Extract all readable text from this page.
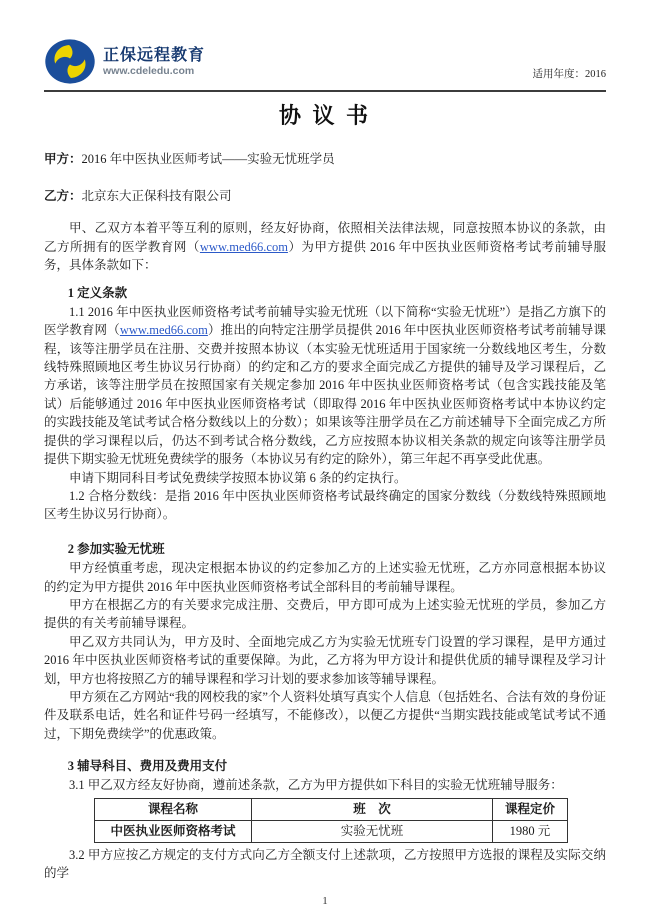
正保远程教育
www.cdeledu.com	适用年度：2016
协 议 书

甲方：2016 年中医执业医师考试——实验无忧班学员

乙方：北京东大正保科技有限公司

甲、乙双方本着平等互利的原则，经友好协商，依照相关法律法规，同意按照本协议的条款，由乙方所拥有的医学教育网（www.med66.com）为甲方提供 2016 年中医执业医师资格考试考前辅导服务，具体条款如下：

1 定义条款

1.1 2016 年中医执业医师资格考试考前辅导实验无忧班（以下简称“实验无忧班”）是指乙方旗下的医学教育网（www.med66.com）推出的向特定注册学员提供 2016 年中医执业医师资格考试考前辅导课程，该等注册学员在注册、交费并按照本协议（本实验无忧班适用于国家统一分数线地区考生，分数线特殊照顾地区考生协议另行协商）的约定和乙方的要求全面完成乙方提供的辅导及学习课程后，乙方承诺，该等注册学员在按照国家有关规定参加 2016 年中医执业医师资格考试（包含实践技能及笔试）后能够通过 2016 年中医执业医师资格考试（即取得 2016 年中医执业医师资格考试中本协议约定的实践技能及笔试考试合格分数线以上的分数）；如果该等注册学员在乙方前述辅导下全面完成乙方所提供的学习课程以后，仍达不到考试合格分数线，乙方应按照本协议相关条款的规定向该等注册学员提供下期实验无忧班免费续学的服务（本协议另有约定的除外），第三年起不再享受此优惠。

申请下期同科目考试免费续学按照本协议第 6 条的约定执行。

1.2 合格分数线：是指 2016 年中医执业医师资格考试最终确定的国家分数线（分数线特殊照顾地区考生协议另行协商）。

2 参加实验无忧班

甲方经慎重考虑，现决定根据本协议的约定参加乙方的上述实验无忧班，乙方亦同意根据本协议的约定为甲方提供 2016 年中医执业医师资格考试全部科目的考前辅导课程。

甲方在根据乙方的有关要求完成注册、交费后，甲方即可成为上述实验无忧班的学员，参加乙方提供的有关考前辅导课程。

甲乙双方共同认为，甲方及时、全面地完成乙方为实验无忧班专门设置的学习课程，是甲方通过 2016 年中医执业医师资格考试的重要保障。为此，乙方将为甲方设计和提供优质的辅导课程及学习计划，甲方也将按照乙方的辅导课程和学习计划的要求参加该等辅导课程。

甲方须在乙方网站“我的网校我的家”个人资料处填写真实个人信息（包括姓名、合法有效的身份证件及联系电话，姓名和证件号码一经填写，不能修改），以便乙方提供“当期实践技能或笔试考试不通过，下期免费续学”的优惠政策。

3 辅导科目、费用及费用支付

3.1 甲乙双方经友好协商，遵前述条款，乙方为甲方提供如下科目的实验无忧班辅导服务：

课程名称	班　次	课程定价
中医执业医师资格考试	实验无忧班	1980 元

3.2 甲方应按乙方规定的支付方式向乙方全额支付上述款项，乙方按照甲方选报的课程及实际交纳的学

1
